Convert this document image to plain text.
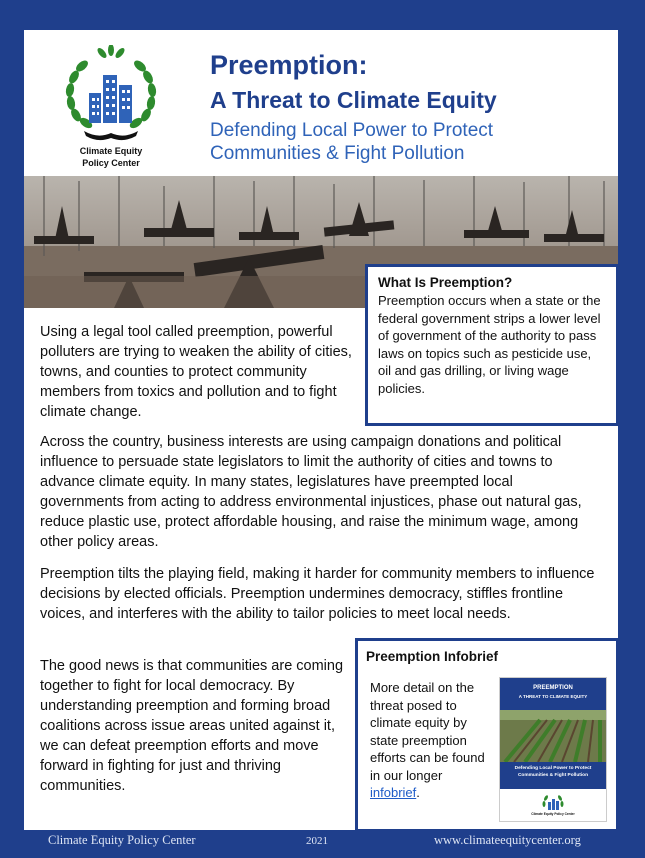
Climate Equity
Policy Center
Preemption:
A Threat to Climate Equity
Defending Local Power to Protect
Communities & Fight Pollution
What Is Preemption?
Preemption occurs when a state or the federal government strips a lower level of government of the authority to pass laws on topics such as pesticide use, oil and gas drilling, or living wage policies.
Using a legal tool called preemption, powerful polluters are trying to weaken the ability of cities, towns, and counties to protect community members from toxics and pollution and to fight climate change.
Across the country, business interests are using campaign donations and political influence to persuade state legislators to limit the authority of cities and towns to advance climate equity. In many states, legislatures have preempted local governments from acting to address environmental injustices, phase out natural gas, reduce plastic use, protect affordable housing, and raise the minimum wage, among other policy areas.
Preemption tilts the playing field, making it harder for community members to influence decisions by elected officials. Preemption undermines democracy, stiffles frontline voices, and interferes with the ability to tailor policies to meet local needs.
The good news is that communities are coming together to fight for local democracy. By understanding preemption and forming broad coalitions across issue areas united against it, we can defeat preemption efforts and move forward in fighting for just and thriving communities.
Preemption Infobrief
More detail on the threat posed to climate equity by state preemption efforts can be found in our longer infobrief.
PREEMPTION
A THREAT TO CLIMATE EQUITY
Defending Local Power to Protect
Communities & Fight Pollution
Climate Equity Policy Center
Climate Equity Policy Center	2021	www.climateequitycenter.org
